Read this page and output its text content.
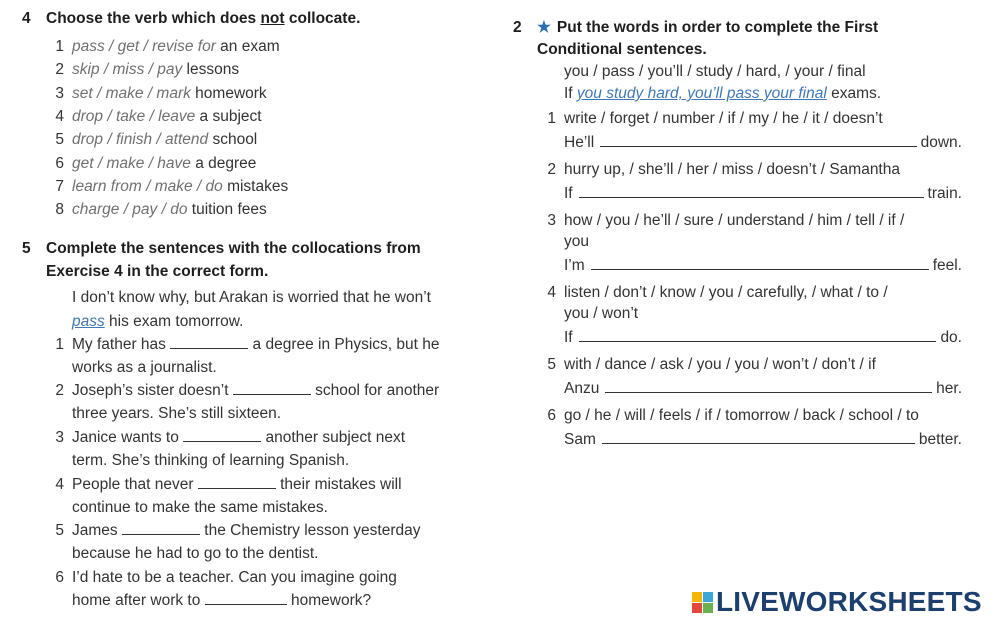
4 Choose the verb which does not collocate.
1 pass / get / revise for an exam
2 skip / miss / pay lessons
3 set / make / mark homework
4 drop / take / leave a subject
5 drop / finish / attend school
6 get / make / have a degree
7 learn from / make / do mistakes
8 charge / pay / do tuition fees
5 Complete the sentences with the collocations from
Exercise 4 in the correct form.
I don’t know why, but Arakan is worried that he won’t
pass his exam tomorrow.
1 My father has	a degree in Physics, but he
works as a journalist.
2 Joseph’s sister doesn’t	school for another
three years. She’s still sixteen.
3 Janice wants to	another subject next
term. She’s thinking of learning Spanish.
4 People that never	their mistakes will
continue to make the same mistakes.
5 James	the Chemistry lesson yesterday
because he had to go to the dentist.
6 I’d hate to be a teacher. Can you imagine going
home after work to	homework?
2 ★ Put the words in order to complete the First
Conditional sentences.
you / pass / you’ll / study / hard, / your / final
If you study hard, you’ll pass your final exams.
1 write / forget / number / if / my / he / it / doesn’t
He’ll	down.
2 hurry up, / she’ll / her / miss / doesn’t / Samantha
If	train.
3 how / you / he’ll / sure / understand / him / tell / if /
you
I’m	feel.
4 listen / don’t / know / you / carefully, / what / to /
you / won’t
If	do.
5 with / dance / ask / you / you / won’t / don’t / if
Anzu	her.
6 go / he / will / feels / if / tomorrow / back / school / to
Sam	better.
LIVEWORKSHEETS
